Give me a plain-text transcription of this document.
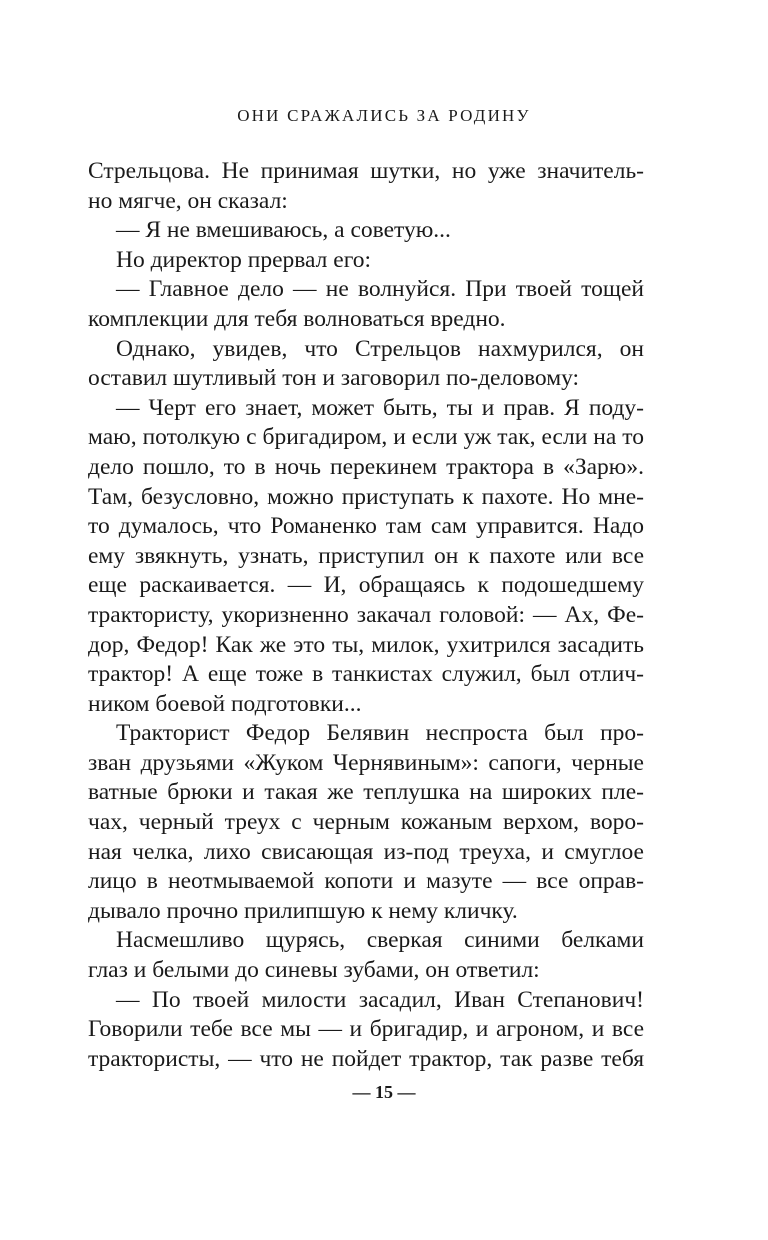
ОНИ СРАЖАЛИСЬ ЗА РОДИНУ
Стрельцова. Не принимая шутки, но уже значитель-
но мягче, он сказал:
— Я не вмешиваюсь, а советую...
Но директор прервал его:
— Главное дело — не волнуйся. При твоей тощей
комплекции для тебя волноваться вредно.
Однако, увидев, что Стрельцов нахмурился, он
оставил шутливый тон и заговорил по-деловому:
— Черт его знает, может быть, ты и прав. Я поду-
маю, потолкую с бригадиром, и если уж так, если на то
дело пошло, то в ночь перекинем трактора в «Зарю».
Там, безусловно, можно приступать к пахоте. Но мне-
то думалось, что Романенко там сам управится. Надо
ему звякнуть, узнать, приступил он к пахоте или все
еще раскаивается. — И, обращаясь к подошедшему
трактористу, укоризненно закачал головой: — Ах, Фе-
дор, Федор! Как же это ты, милок, ухитрился засадить
трактор! А еще тоже в танкистах служил, был отлич-
ником боевой подготовки...
Тракторист Федор Белявин неспроста был про-
зван друзьями «Жуком Чернявиным»: сапоги, черные
ватные брюки и такая же теплушка на широких пле-
чах, черный треух с черным кожаным верхом, воро-
ная челка, лихо свисающая из-под треуха, и смуглое
лицо в неотмываемой копоти и мазуте — все оправ-
дывало прочно прилипшую к нему кличку.
Насмешливо щурясь, сверкая синими белками
глаз и белыми до синевы зубами, он ответил:
— По твоей милости засадил, Иван Степанович!
Говорили тебе все мы — и бригадир, и агроном, и все
трактористы, — что не пойдет трактор, так разве тебя
— 15 —
